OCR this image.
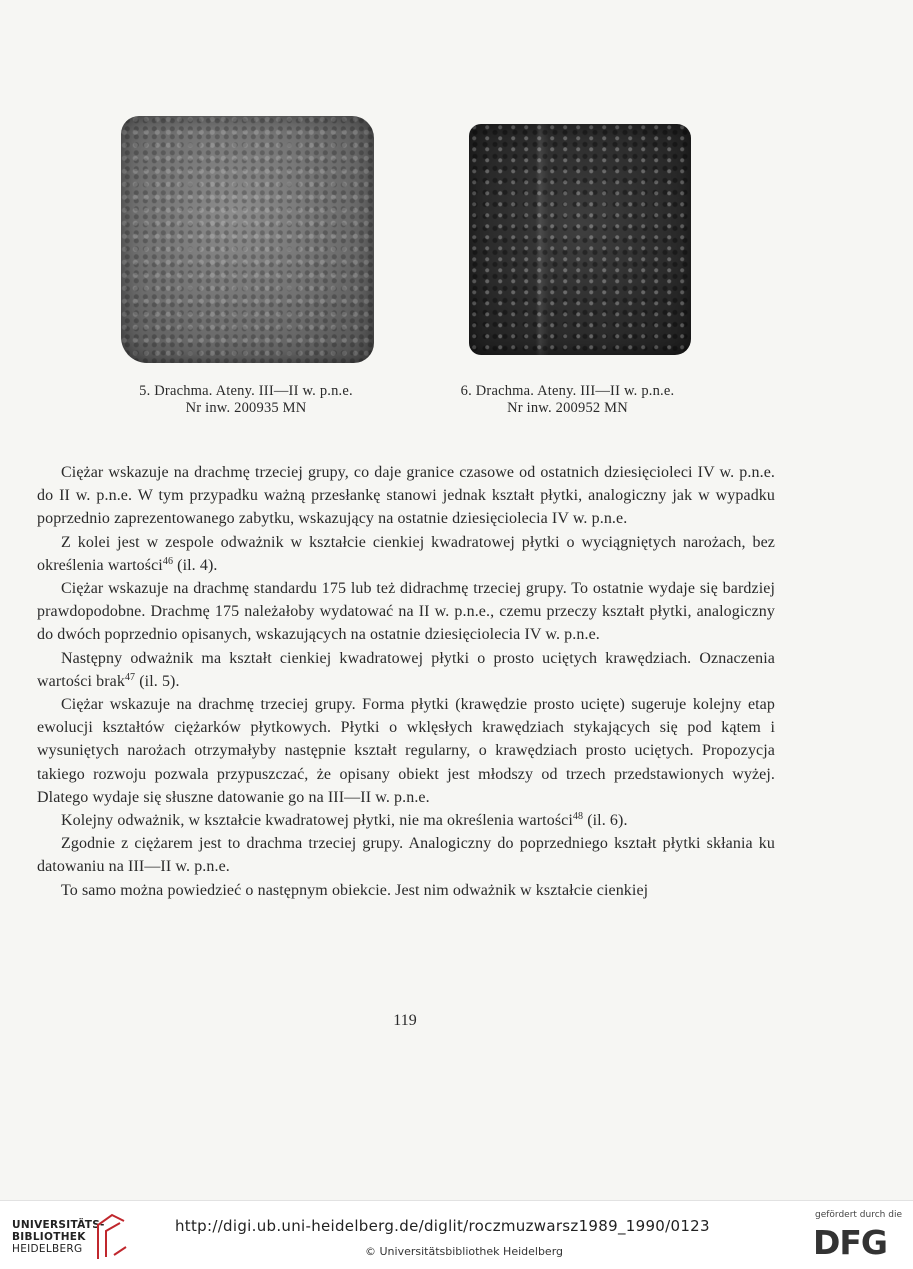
5. Drachma. Ateny. III—II w. p.n.e.
Nr inw. 200935 MN
6. Drachma. Ateny. III—II w. p.n.e.
Nr inw. 200952 MN

Ciężar wskazuje na drachmę trzeciej grupy, co daje granice czasowe od ostatnich dziesięcioleci IV w. p.n.e. do II w. p.n.e. W tym przypadku ważną przesłankę stanowi jednak kształt płytki, analogiczny jak w wypadku poprzednio zaprezentowanego zabytku, wskazujący na ostatnie dziesięciolecia IV w. p.n.e.

Z kolei jest w zespole odważnik w kształcie cienkiej kwadratowej płytki o wyciągniętych narożach, bez określenia wartości$^{46}$ (il. 4).

Ciężar wskazuje na drachmę standardu 175 lub też didrachmę trzeciej grupy. To ostatnie wydaje się bardziej prawdopodobne. Drachmę 175 należałoby wydatować na II w. p.n.e., czemu przeczy kształt płytki, analogiczny do dwóch poprzednio opisanych, wskazujących na ostatnie dziesięciolecia IV w. p.n.e.

Następny odważnik ma kształt cienkiej kwadratowej płytki o prosto uciętych krawędziach. Oznaczenia wartości brak$^{47}$ (il. 5).

Ciężar wskazuje na drachmę trzeciej grupy. Forma płytki (krawędzie prosto ucięte) sugeruje kolejny etap ewolucji kształtów ciężarków płytkowych. Płytki o wklęsłych krawędziach stykających się pod kątem i wysuniętych narożach otrzymałyby następnie kształt regularny, o krawędziach prosto uciętych. Propozycja takiego rozwoju pozwala przypuszczać, że opisany obiekt jest młodszy od trzech przedstawionych wyżej. Dlatego wydaje się słuszne datowanie go na III—II w. p.n.e.

Kolejny odważnik, w kształcie kwadratowej płytki, nie ma określenia wartości$^{48}$ (il. 6).

Zgodnie z ciężarem jest to drachma trzeciej grupy. Analogiczny do poprzedniego kształt płytki skłania ku datowaniu na III—II w. p.n.e.

To samo można powiedzieć o następnym obiekcie. Jest nim odważnik w kształcie cienkiej

119
UNIVERSITÄTS-
BIBLIOTHEK
HEIDELBERG
http://digi.ub.uni-heidelberg.de/diglit/roczmuzwarsz1989_1990/0123
© Universitätsbibliothek Heidelberg
gefördert durch die
DFG
